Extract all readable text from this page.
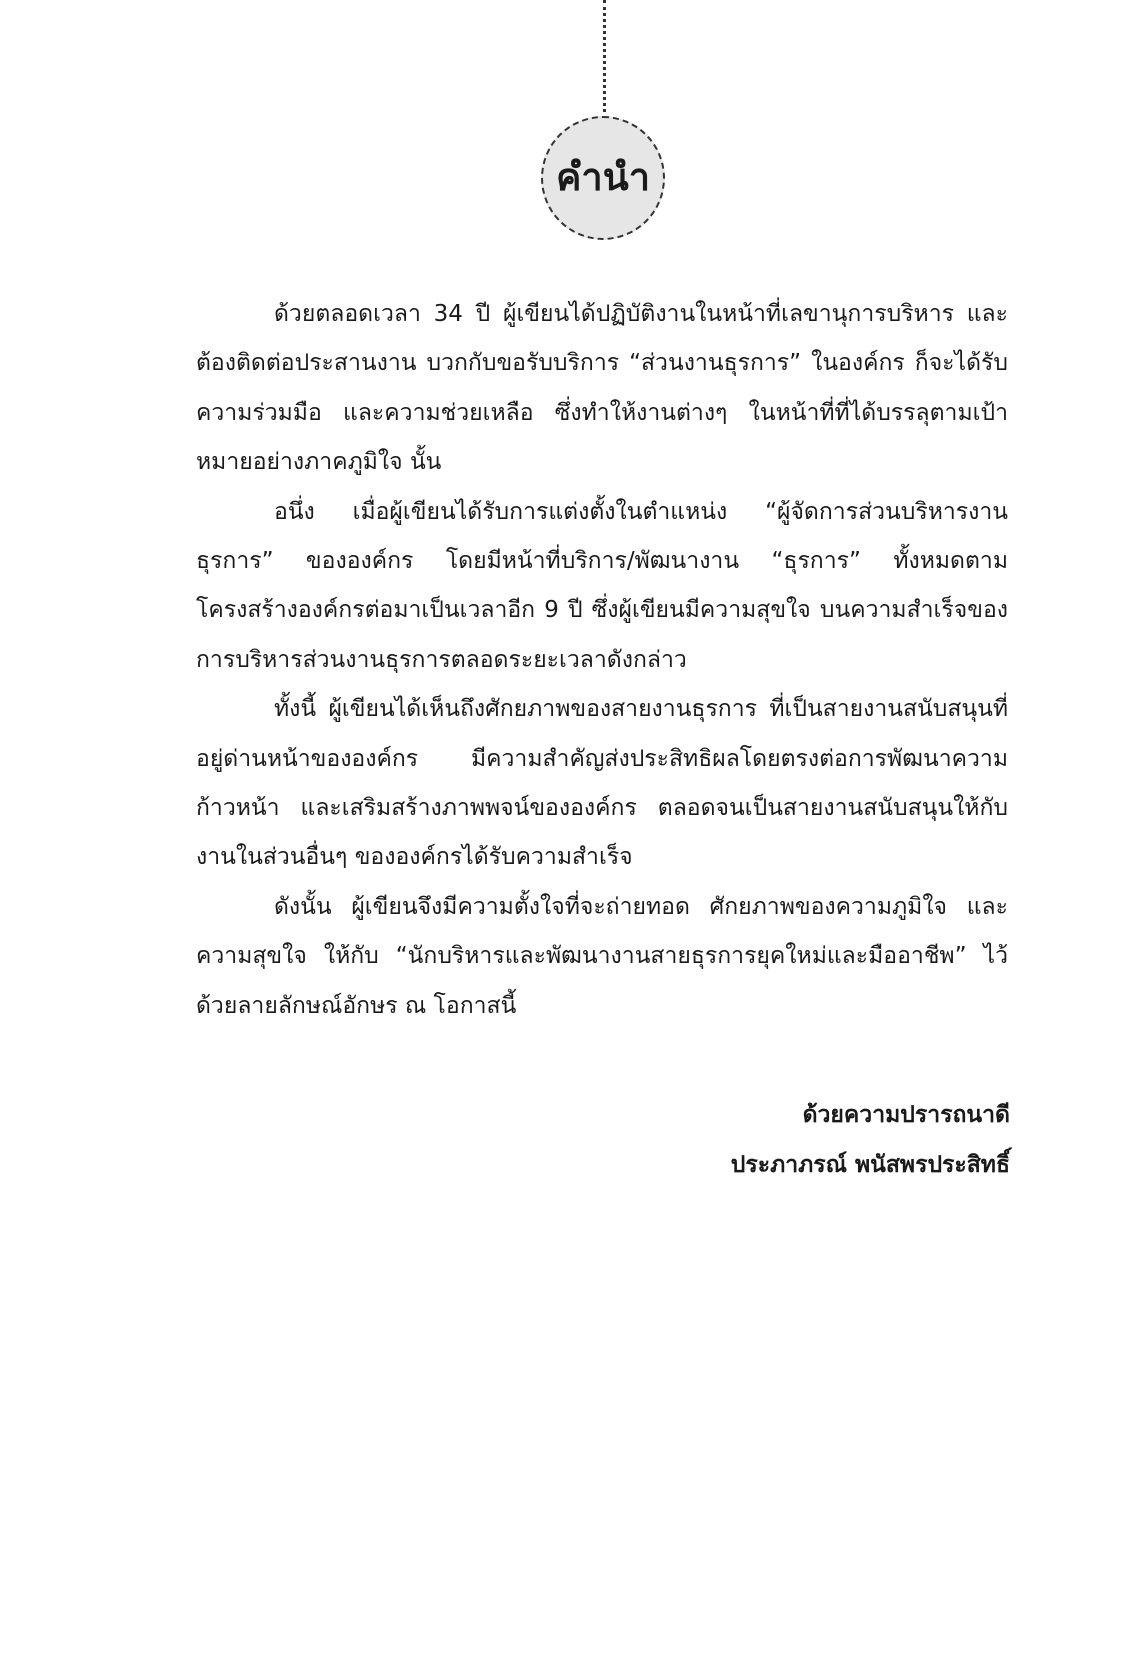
คำนำ

ด้วยตลอดเวลา 34 ปี ผู้เขียนได้ปฏิบัติงานในหน้าที่เลขานุการบริหาร และต้องติดต่อประสานงาน บวกกับขอรับบริการ “ส่วนงานธุรการ” ในองค์กร ก็จะได้รับความร่วมมือ และความช่วยเหลือ ซึ่งทำให้งานต่างๆ ในหน้าที่ที่ได้บรรลุตามเป้าหมายอย่างภาคภูมิใจ นั้น

อนึ่ง เมื่อผู้เขียนได้รับการแต่งตั้งในตำแหน่ง “ผู้จัดการส่วนบริหารงานธุรการ” ขององค์กร โดยมีหน้าที่บริการ/พัฒนางาน “ธุรการ” ทั้งหมดตามโครงสร้างองค์กรต่อมาเป็นเวลาอีก 9 ปี ซึ่งผู้เขียนมีความสุขใจ บนความสำเร็จของการบริหารส่วนงานธุรการตลอดระยะเวลาดังกล่าว

ทั้งนี้ ผู้เขียนได้เห็นถึงศักยภาพของสายงานธุรการ ที่เป็นสายงานสนับสนุนที่อยู่ด่านหน้าขององค์กร มีความสำคัญส่งประสิทธิผลโดยตรงต่อการพัฒนาความก้าวหน้า และเสริมสร้างภาพพจน์ขององค์กร ตลอดจนเป็นสายงานสนับสนุนให้กับงานในส่วนอื่นๆ ขององค์กรได้รับความสำเร็จ

ดังนั้น ผู้เขียนจึงมีความตั้งใจที่จะถ่ายทอด ศักยภาพของความภูมิใจ และความสุขใจ ให้กับ “นักบริหารและพัฒนางานสายธุรการยุคใหม่และมืออาชีพ” ไว้ด้วยลายลักษณ์อักษร ณ โอกาสนี้

ด้วยความปรารถนาดี
ประภาภรณ์ พนัสพรประสิทธิ์
